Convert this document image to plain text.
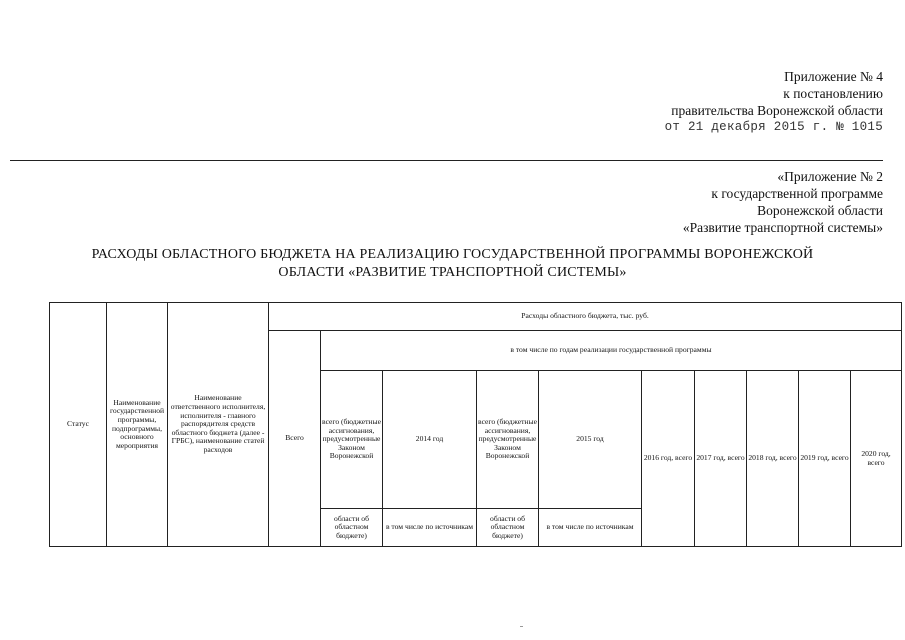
Приложение № 4
к постановлению
правительства Воронежской области
от 21 декабря 2015 г. № 1015
«Приложение № 2
к государственной программе
Воронежской области
«Развитие транспортной системы»
РАСХОДЫ ОБЛАСТНОГО БЮДЖЕТА НА РЕАЛИЗАЦИЮ ГОСУДАРСТВЕННОЙ ПРОГРАММЫ ВОРОНЕЖСКОЙ
ОБЛАСТИ «РАЗВИТИЕ ТРАНСПОРТНОЙ СИСТЕМЫ»
Статус	Наименование государственной программы, подпрограммы, основного мероприятия	Наименование ответственного исполнителя, исполнителя - главного распорядителя средств областного бюджета (далее - ГРБС), наименование статей расходов	Расходы областного бюджета, тыс. руб.									
			Всего	в том числе по годам реализации государственной программы								
				всего (бюджетные ассигнования, предусмотренные Законом Воронежской	2014 год	всего (бюджетные ассигнования, предусмотренные Законом Воронежской	2015 год	2016 год, всего	2017 год, всего	2018 год, всего	2019 год, всего	2020 год, всего
				области об областном бюджете)	в том числе по источникам	области об областном бюджете)	в том числе по источникам					
